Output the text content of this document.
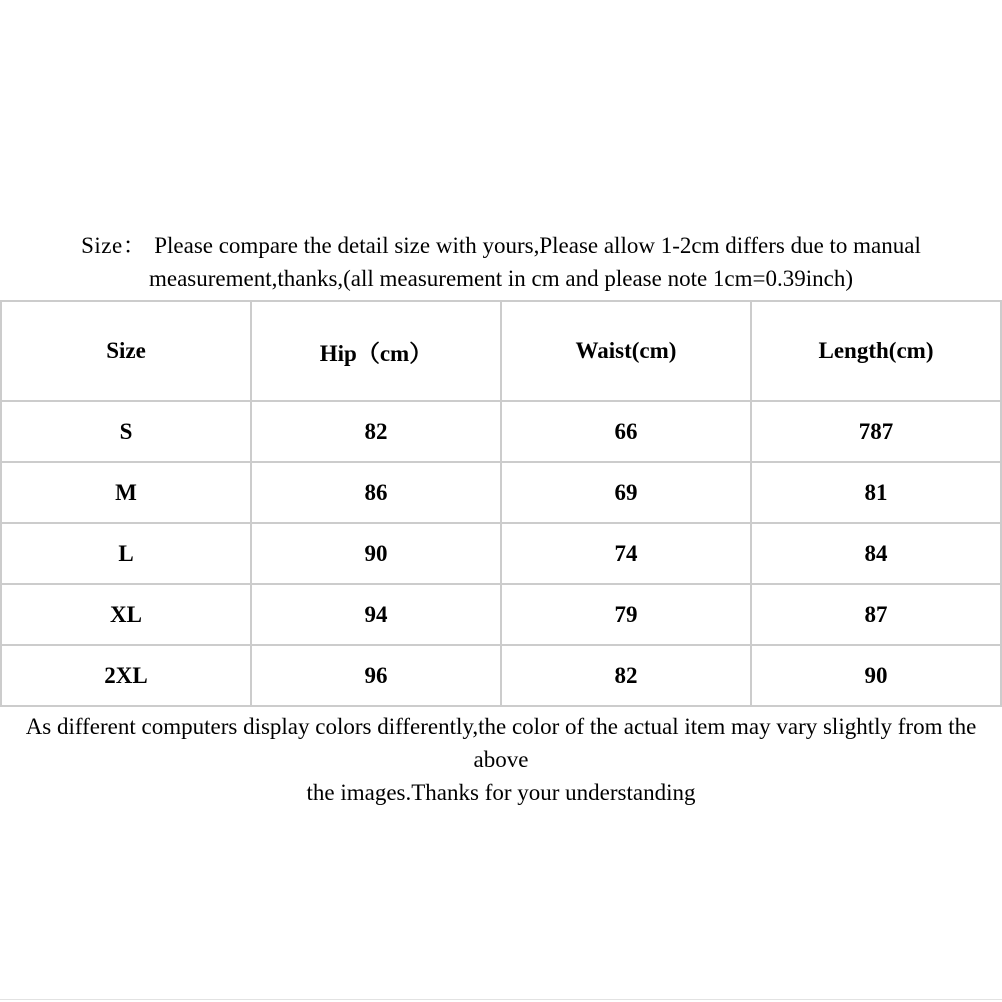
Size： Please compare the detail size with yours,Please allow 1-2cm differs due to manual
measurement,thanks,(all measurement in cm and please note 1cm=0.39inch)
Size	Hip（cm）	Waist(cm)	Length(cm)
S	82	66	787
M	86	69	81
L	90	74	84
XL	94	79	87
2XL	96	82	90
As different computers display colors differently,the color of the actual item may vary slightly from the above
the images.Thanks for your understanding
